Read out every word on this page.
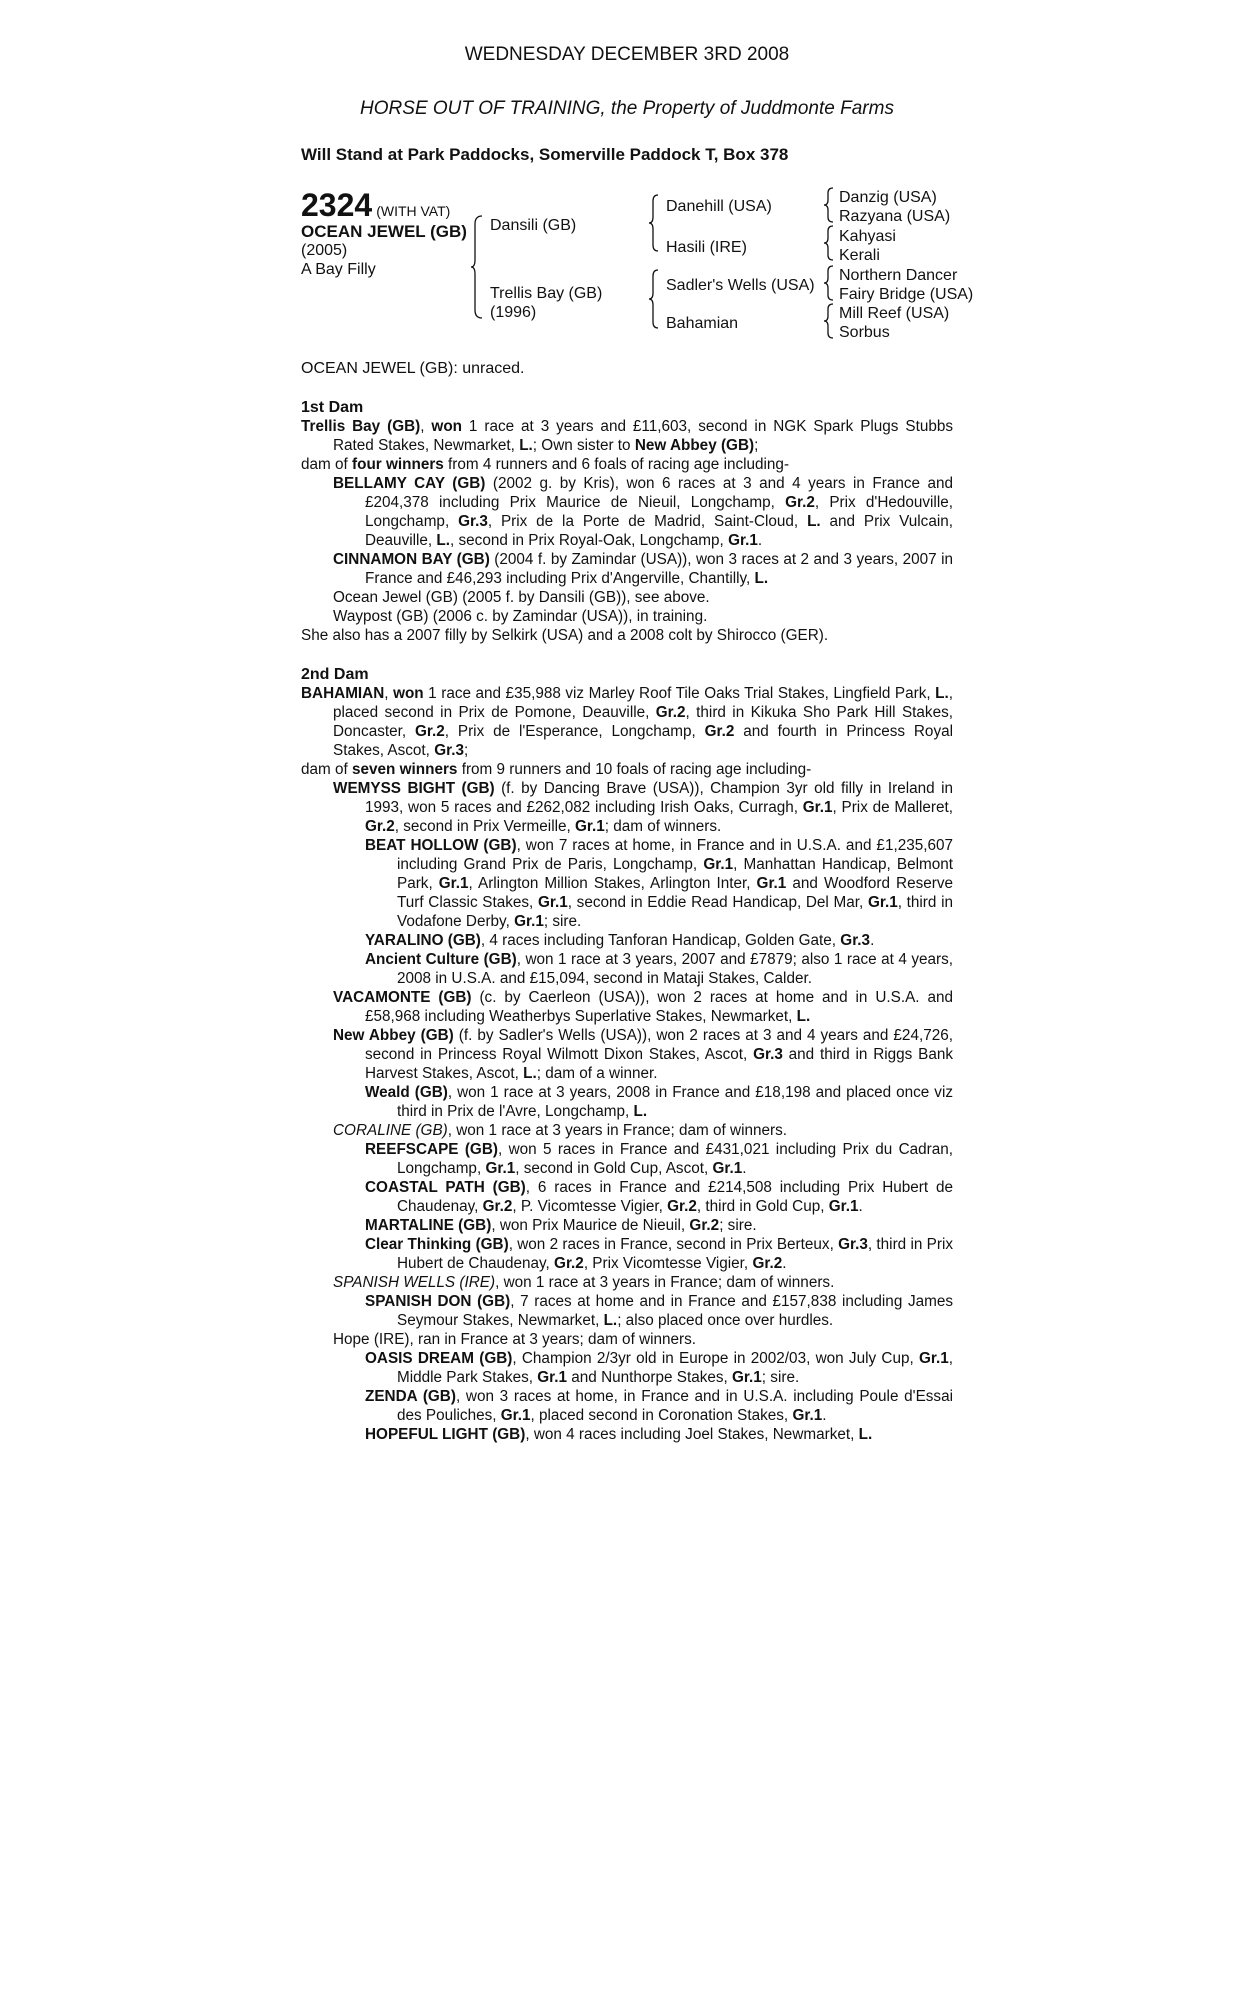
WEDNESDAY DECEMBER 3RD 2008
HORSE OUT OF TRAINING, the Property of Juddmonte Farms
Will Stand at Park Paddocks, Somerville Paddock T, Box 378
2324 (WITH VAT)
OCEAN JEWEL (GB)
(2005)
A Bay Filly
Dansili (GB)
Trellis Bay (GB)
(1996)
Danehill (USA)
Hasili (IRE)
Sadler's Wells (USA)
Bahamian
Danzig (USA)
Razyana (USA)
Kahyasi
Kerali
Northern Dancer
Fairy Bridge (USA)
Mill Reef (USA)
Sorbus
OCEAN JEWEL (GB): unraced.
1st Dam
Trellis Bay (GB), won 1 race at 3 years and £11,603, second in NGK Spark Plugs Stubbs Rated Stakes, Newmarket, L.; Own sister to New Abbey (GB);
dam of four winners from 4 runners and 6 foals of racing age including-
BELLAMY CAY (GB) (2002 g. by Kris), won 6 races at 3 and 4 years in France and £204,378 including Prix Maurice de Nieuil, Longchamp, Gr.2, Prix d'Hedouville, Longchamp, Gr.3, Prix de la Porte de Madrid, Saint-Cloud, L. and Prix Vulcain, Deauville, L., second in Prix Royal-Oak, Longchamp, Gr.1.
CINNAMON BAY (GB) (2004 f. by Zamindar (USA)), won 3 races at 2 and 3 years, 2007 in France and £46,293 including Prix d'Angerville, Chantilly, L.
Ocean Jewel (GB) (2005 f. by Dansili (GB)), see above.
Waypost (GB) (2006 c. by Zamindar (USA)), in training.
She also has a 2007 filly by Selkirk (USA) and a 2008 colt by Shirocco (GER).
2nd Dam
BAHAMIAN, won 1 race and £35,988 viz Marley Roof Tile Oaks Trial Stakes, Lingfield Park, L., placed second in Prix de Pomone, Deauville, Gr.2, third in Kikuka Sho Park Hill Stakes, Doncaster, Gr.2, Prix de l'Esperance, Longchamp, Gr.2 and fourth in Princess Royal Stakes, Ascot, Gr.3;
dam of seven winners from 9 runners and 10 foals of racing age including-
WEMYSS BIGHT (GB) (f. by Dancing Brave (USA)), Champion 3yr old filly in Ireland in 1993, won 5 races and £262,082 including Irish Oaks, Curragh, Gr.1, Prix de Malleret, Gr.2, second in Prix Vermeille, Gr.1; dam of winners.
BEAT HOLLOW (GB), won 7 races at home, in France and in U.S.A. and £1,235,607 including Grand Prix de Paris, Longchamp, Gr.1, Manhattan Handicap, Belmont Park, Gr.1, Arlington Million Stakes, Arlington Inter, Gr.1 and Woodford Reserve Turf Classic Stakes, Gr.1, second in Eddie Read Handicap, Del Mar, Gr.1, third in Vodafone Derby, Gr.1; sire.
YARALINO (GB), 4 races including Tanforan Handicap, Golden Gate, Gr.3.
Ancient Culture (GB), won 1 race at 3 years, 2007 and £7879; also 1 race at 4 years, 2008 in U.S.A. and £15,094, second in Mataji Stakes, Calder.
VACAMONTE (GB) (c. by Caerleon (USA)), won 2 races at home and in U.S.A. and £58,968 including Weatherbys Superlative Stakes, Newmarket, L.
New Abbey (GB) (f. by Sadler's Wells (USA)), won 2 races at 3 and 4 years and £24,726, second in Princess Royal Wilmott Dixon Stakes, Ascot, Gr.3 and third in Riggs Bank Harvest Stakes, Ascot, L.; dam of a winner.
Weald (GB), won 1 race at 3 years, 2008 in France and £18,198 and placed once viz third in Prix de l'Avre, Longchamp, L.
CORALINE (GB), won 1 race at 3 years in France; dam of winners.
REEFSCAPE (GB), won 5 races in France and £431,021 including Prix du Cadran, Longchamp, Gr.1, second in Gold Cup, Ascot, Gr.1.
COASTAL PATH (GB), 6 races in France and £214,508 including Prix Hubert de Chaudenay, Gr.2, P. Vicomtesse Vigier, Gr.2, third in Gold Cup, Gr.1.
MARTALINE (GB), won Prix Maurice de Nieuil, Gr.2; sire.
Clear Thinking (GB), won 2 races in France, second in Prix Berteux, Gr.3, third in Prix Hubert de Chaudenay, Gr.2, Prix Vicomtesse Vigier, Gr.2.
SPANISH WELLS (IRE), won 1 race at 3 years in France; dam of winners.
SPANISH DON (GB), 7 races at home and in France and £157,838 including James Seymour Stakes, Newmarket, L.; also placed once over hurdles.
Hope (IRE), ran in France at 3 years; dam of winners.
OASIS DREAM (GB), Champion 2/3yr old in Europe in 2002/03, won July Cup, Gr.1, Middle Park Stakes, Gr.1 and Nunthorpe Stakes, Gr.1; sire.
ZENDA (GB), won 3 races at home, in France and in U.S.A. including Poule d'Essai des Pouliches, Gr.1, placed second in Coronation Stakes, Gr.1.
HOPEFUL LIGHT (GB), won 4 races including Joel Stakes, Newmarket, L.
